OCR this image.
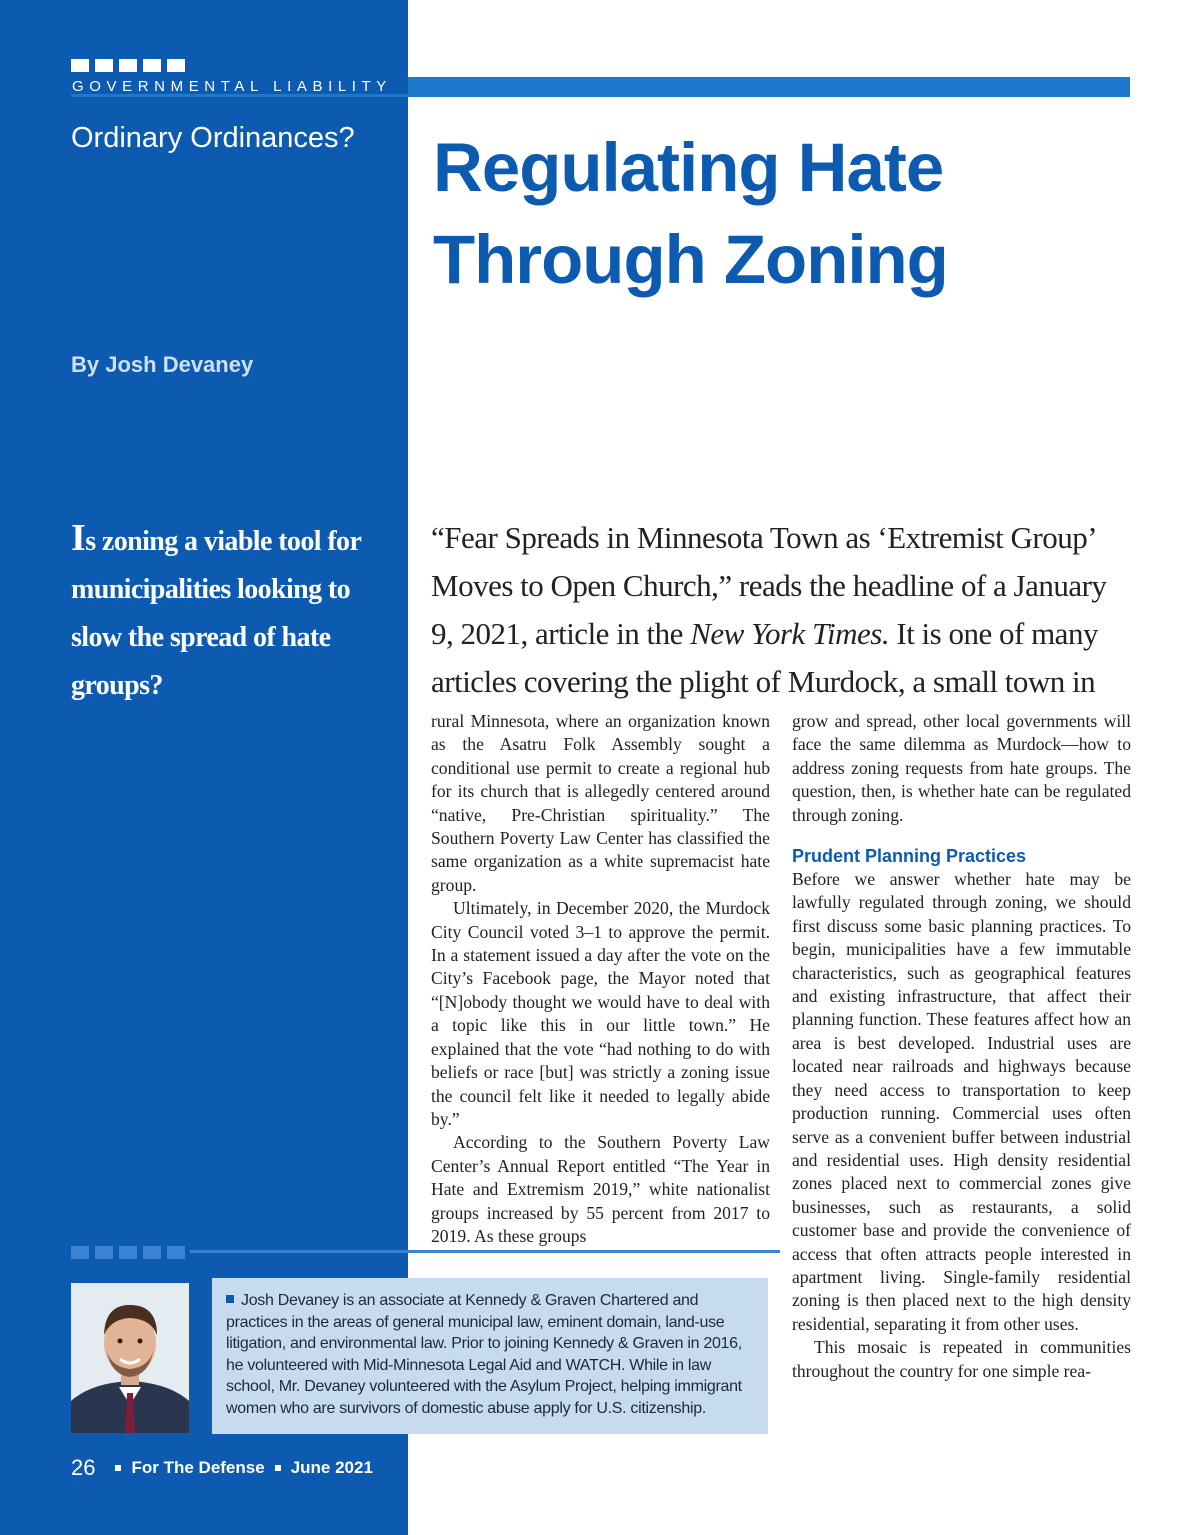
GOVERNMENTAL LIABILITY
Ordinary Ordinances? Regulating Hate
Through Zoning
By Josh Devaney
Is zoning a viable tool for municipalities looking to slow the spread of hate groups?
“Fear Spreads in Minnesota Town as ‘Extremist Group’ Moves to Open Church,” reads the headline of a January 9, 2021, article in the New York Times. It is one of many articles covering the plight of Murdock, a small town in

rural Minnesota, where an organization known as the Asatru Folk Assembly sought a conditional use permit to create a regional hub for its church that is allegedly centered around “native, Pre-Christian spirituality.” The Southern Poverty Law Center has classified the same organization as a white supremacist hate group.

Ultimately, in December 2020, the Murdock City Council voted 3–1 to approve the permit. In a statement issued a day after the vote on the City’s Facebook page, the Mayor noted that “[N]obody thought we would have to deal with a topic like this in our little town.” He explained that the vote “had nothing to do with beliefs or race [but] was strictly a zoning issue the council felt like it needed to legally abide by.”

According to the Southern Poverty Law Center’s Annual Report entitled “The Year in Hate and Extremism 2019,” white nationalist groups increased by 55 percent from 2017 to 2019. As these groups

grow and spread, other local governments will face the same dilemma as Murdock—how to address zoning requests from hate groups. The question, then, is whether hate can be regulated through zoning.

Prudent Planning Practices

Before we answer whether hate may be lawfully regulated through zoning, we should first discuss some basic planning practices. To begin, municipalities have a few immutable characteristics, such as geographical features and existing infrastructure, that affect their planning function. These features affect how an area is best developed. Industrial uses are located near railroads and highways because they need access to transportation to keep production running. Commercial uses often serve as a convenient buffer between industrial and residential uses. High density residential zones placed next to commercial zones give businesses, such as restaurants, a solid customer base and provide the convenience of access that often attracts people interested in apartment living. Single-family residential zoning is then placed next to the high density residential, separating it from other uses.

This mosaic is repeated in communities throughout the country for one simple rea-

Josh Devaney is an associate at Kennedy & Graven Chartered and practices in the areas of general municipal law, eminent domain, land-use litigation, and environmental law. Prior to joining Kennedy & Graven in 2016, he volunteered with Mid-Minnesota Legal Aid and WATCH. While in law school, Mr. Devaney volunteered with the Asylum Project, helping immigrant women who are survivors of domestic abuse apply for U.S. citizenship.
26 For The Defense June 2021
